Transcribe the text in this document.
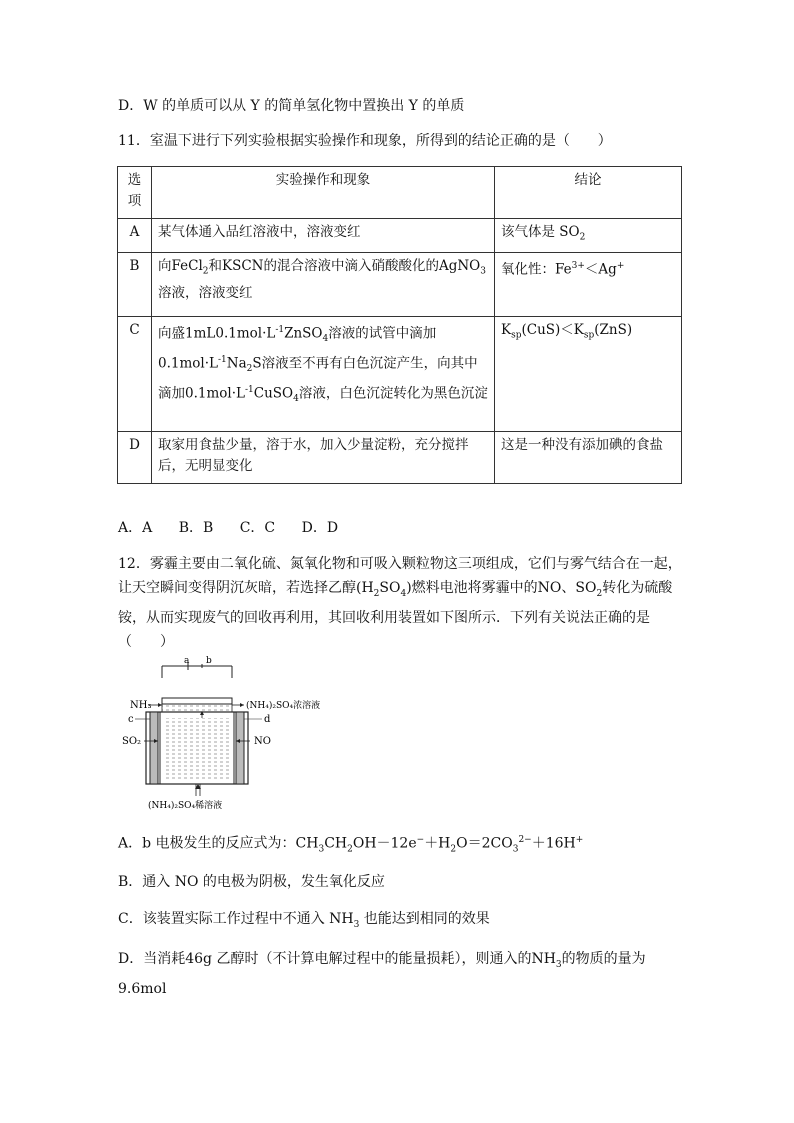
D．W 的单质可以从 Y 的简单氢化物中置换出 Y 的单质
11．室温下进行下列实验根据实验操作和现象，所得到的结论正确的是（　　）
选项	实验操作和现象	结论
A	某气体通入品红溶液中，溶液变红	该气体是 $SO_2$
B	向FeCl$_2$和KSCN的混合溶液中滴入硝酸酸化的AgNO$_3$溶液，溶液变红	氧化性：$Fe^{3+}<Ag^+$
C	向盛$1mL0.1mol\cdot L^{-1}ZnSO_4$溶液的试管中滴加$0.1mol\cdot L^{-1}Na_2S$溶液至不再有白色沉淀产生，向其中滴加$0.1mol\cdot L^{-1}CuSO_4$溶液，白色沉淀转化为黑色沉淀	$K_{sp}(CuS)<K_{sp}(ZnS)$
D	取家用食盐少量，溶于水，加入少量淀粉，充分搅拌后，无明显变化	这是一种没有添加碘的食盐
A．A B．B C．C D．D
12．雾霾主要由二氧化硫、氮氧化物和可吸入颗粒物这三项组成，它们与雾气结合在一起，让天空瞬间变得阴沉灰暗，若选择乙醇$(H_2SO_4)$燃料电池将雾霾中的NO、$SO_2$转化为硫酸铵，从而实现废气的回收再利用，其回收利用装置如下图所示．下列有关说法正确的是（　　）
a b
NH₃	(NH₄)₂SO₄浓溶液
c	d
SO₂	NO
(NH₄)₂SO₄稀溶液
A．b 电极发生的反应式为：$CH_3CH_2OH-12e^-+H_2O=2CO_3^{2-}+16H^+$
B．通入 NO 的电极为阴极，发生氧化反应
C．该装置实际工作过程中不通入 $NH_3$ 也能达到相同的效果
D．当消耗46g 乙醇时（不计算电解过程中的能量损耗），则通入的$NH_3$的物质的量为9.6mol
